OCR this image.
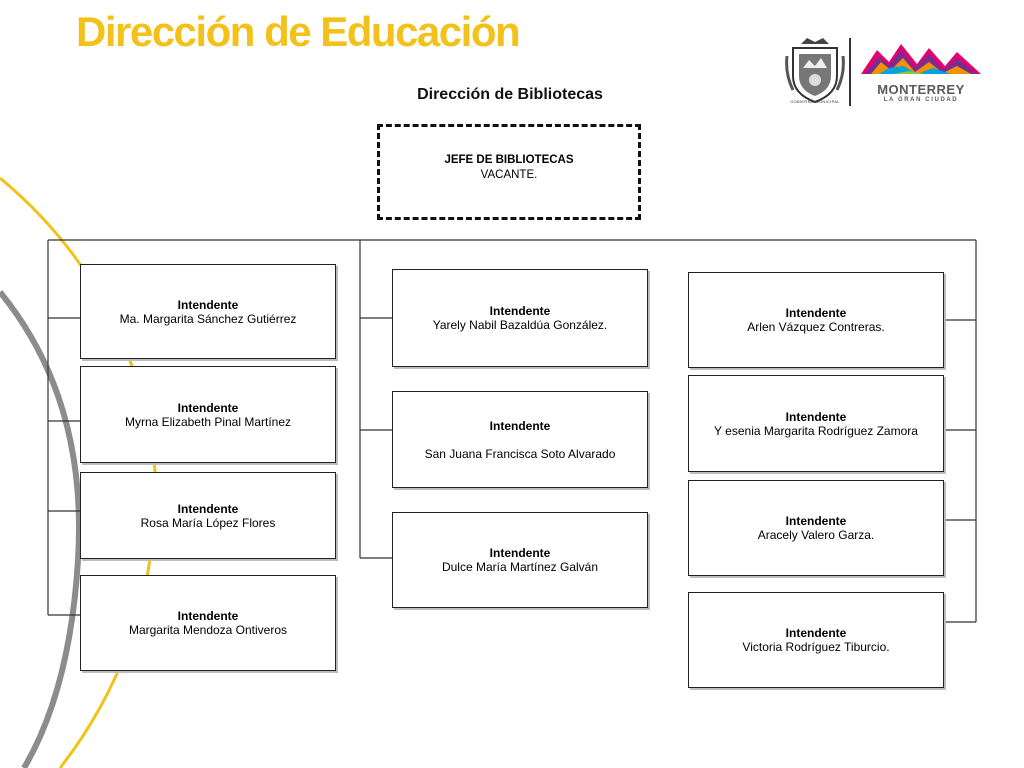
Dirección de Educación
GOBIERNO MUNICIPAL
MONTERREY
LA GRAN CIUDAD
Dirección de Bibliotecas
JEFE DE BIBLIOTECAS
VACANTE.
Intendente
Ma. Margarita Sánchez Gutiérrez
Intendente
Myrna Elizabeth Pinal Martínez
Intendente
Rosa María López Flores
Intendente
Margarita Mendoza Ontiveros
Intendente
Yarely Nabil Bazaldúa González.
Intendente
San Juana Francisca Soto Alvarado
Intendente
Dulce María Martínez Galván
Intendente
Arlen Vázquez Contreras.
Intendente
Y esenia Margarita Rodríguez Zamora
Intendente
Aracely Valero Garza.
Intendente
Victoria Rodríguez Tiburcio.
